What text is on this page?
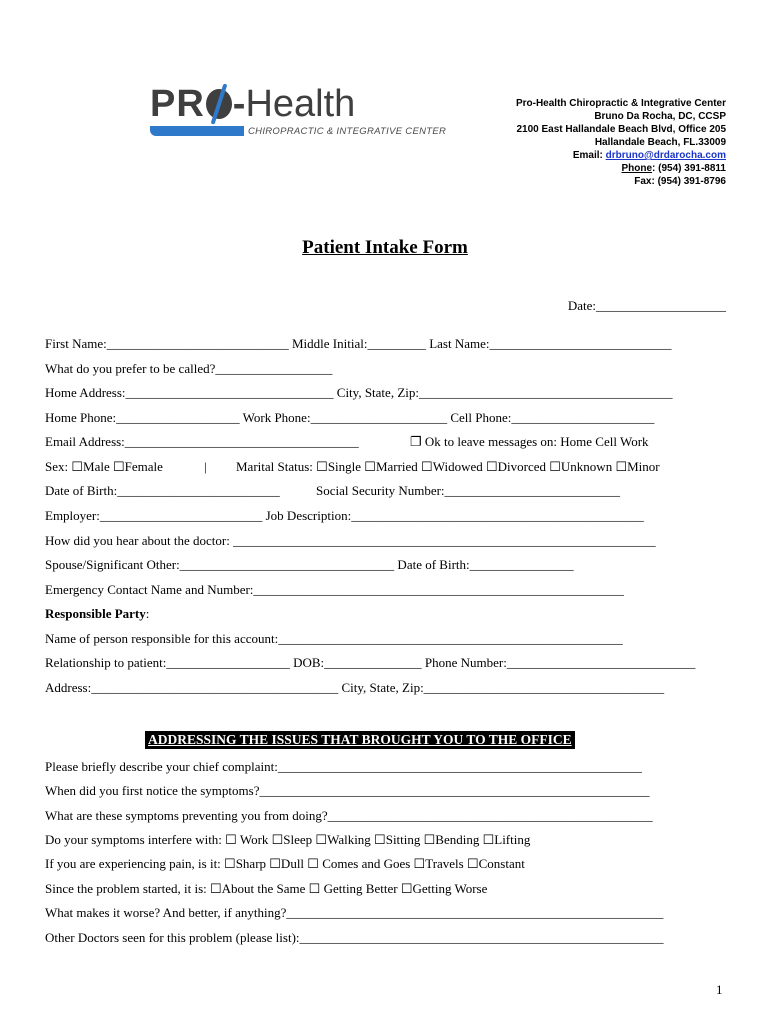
PR -Health
CHIROPRACTIC & INTEGRATIVE CENTER
Pro-Health Chiropractic & Integrative Center
Bruno Da Rocha, DC, CCSP
2100 East Hallandale Beach Blvd, Office 205
Hallandale Beach, FL.33009
Email: drbruno@drdarocha.com
Phone: (954) 391-8811
Fax: (954) 391-8796
Patient Intake Form
Date:____________________
First Name:____________________________ Middle Initial:_________ Last Name:____________________________
What do you prefer to be called?__________________
Home Address:________________________________ City, State, Zip:_______________________________________
Home Phone:___________________ Work Phone:_____________________ Cell Phone:______________________
Email Address:____________________________________	❐ Ok to leave messages on: Home Cell Work
Sex: ☐Male ☐Female	| Marital Status: ☐Single ☐Married ☐Widowed ☐Divorced ☐Unknown ☐Minor
Date of Birth:_________________________	Social Security Number:___________________________
Employer:_________________________ Job Description:_____________________________________________
How did you hear about the doctor: _________________________________________________________________
Spouse/Significant Other:_________________________________ Date of Birth:________________
Emergency Contact Name and Number:_________________________________________________________
Responsible Party:
Name of person responsible for this account:_____________________________________________________
Relationship to patient:___________________ DOB:_______________ Phone Number:_____________________________
Address:______________________________________ City, State, Zip:_____________________________________
ADDRESSING THE ISSUES THAT BROUGHT YOU TO THE OFFICE
Please briefly describe your chief complaint:________________________________________________________
When did you first notice the symptoms?____________________________________________________________
What are these symptoms preventing you from doing?__________________________________________________
Do your symptoms interfere with: ☐ Work ☐Sleep ☐Walking ☐Sitting ☐Bending ☐Lifting
If you are experiencing pain, is it: ☐Sharp ☐Dull ☐ Comes and Goes ☐Travels ☐Constant
Since the problem started, it is: ☐About the Same ☐ Getting Better ☐Getting Worse
What makes it worse? And better, if anything?__________________________________________________________
Other Doctors seen for this problem (please list):________________________________________________________
1
